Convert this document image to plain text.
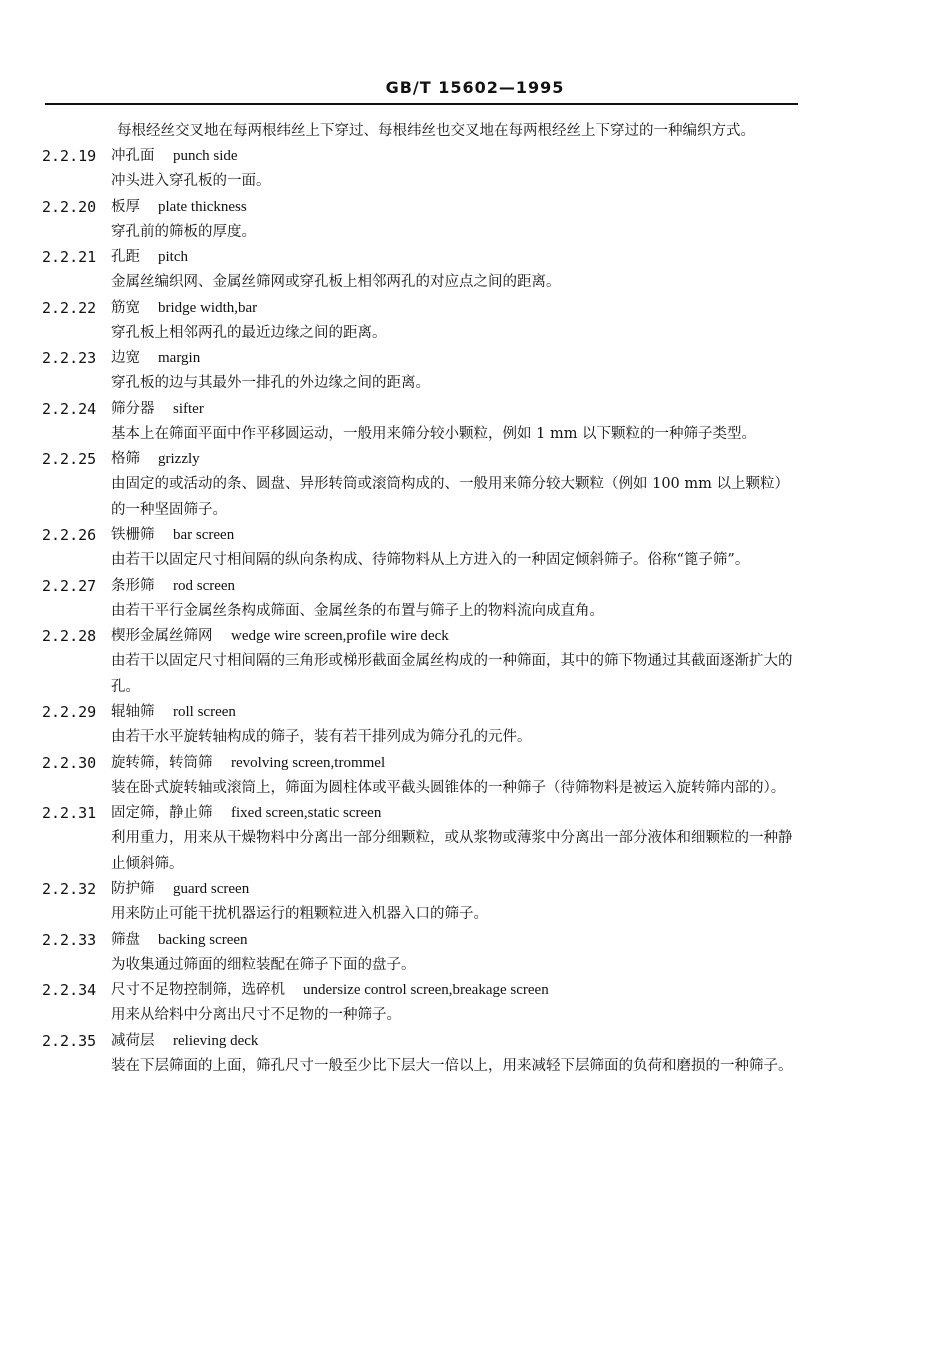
GB/T 15602—1995
每根经丝交叉地在每两根纬丝上下穿过、每根纬丝也交叉地在每两根经丝上下穿过的一种编织方式。
2.2.19 冲孔面 punch side
冲头进入穿孔板的一面。
2.2.20 板厚 plate thickness
穿孔前的筛板的厚度。
2.2.21 孔距 pitch
金属丝编织网、金属丝筛网或穿孔板上相邻两孔的对应点之间的距离。
2.2.22 筋宽 bridge width,bar
穿孔板上相邻两孔的最近边缘之间的距离。
2.2.23 边宽 margin
穿孔板的边与其最外一排孔的外边缘之间的距离。
2.2.24 筛分器 sifter
基本上在筛面平面中作平移圆运动，一般用来筛分较小颗粒，例如 1 mm 以下颗粒的一种筛子类型。
2.2.25 格筛 grizzly
由固定的或活动的条、圆盘、异形转筒或滚筒构成的、一般用来筛分较大颗粒（例如 100 mm 以上颗粒）的一种坚固筛子。
2.2.26 铁栅筛 bar screen
由若干以固定尺寸相间隔的纵向条构成、待筛物料从上方进入的一种固定倾斜筛子。俗称“篦子筛”。
2.2.27 条形筛 rod screen
由若干平行金属丝条构成筛面、金属丝条的布置与筛子上的物料流向成直角。
2.2.28 楔形金属丝筛网 wedge wire screen,profile wire deck
由若干以固定尺寸相间隔的三角形或梯形截面金属丝构成的一种筛面，其中的筛下物通过其截面逐渐扩大的孔。
2.2.29 辊轴筛 roll screen
由若干水平旋转轴构成的筛子，装有若干排列成为筛分孔的元件。
2.2.30 旋转筛，转筒筛 revolving screen,trommel
装在卧式旋转轴或滚筒上，筛面为圆柱体或平截头圆锥体的一种筛子（待筛物料是被运入旋转筛内部的）。
2.2.31 固定筛，静止筛 fixed screen,static screen
利用重力，用来从干燥物料中分离出一部分细颗粒，或从浆物或薄浆中分离出一部分液体和细颗粒的一种静止倾斜筛。
2.2.32 防护筛 guard screen
用来防止可能干扰机器运行的粗颗粒进入机器入口的筛子。
2.2.33 筛盘 backing screen
为收集通过筛面的细粒装配在筛子下面的盘子。
2.2.34 尺寸不足物控制筛，选碎机 undersize control screen,breakage screen
用来从给料中分离出尺寸不足物的一种筛子。
2.2.35 减荷层 relieving deck
装在下层筛面的上面，筛孔尺寸一般至少比下层大一倍以上，用来减轻下层筛面的负荷和磨损的一种筛子。
